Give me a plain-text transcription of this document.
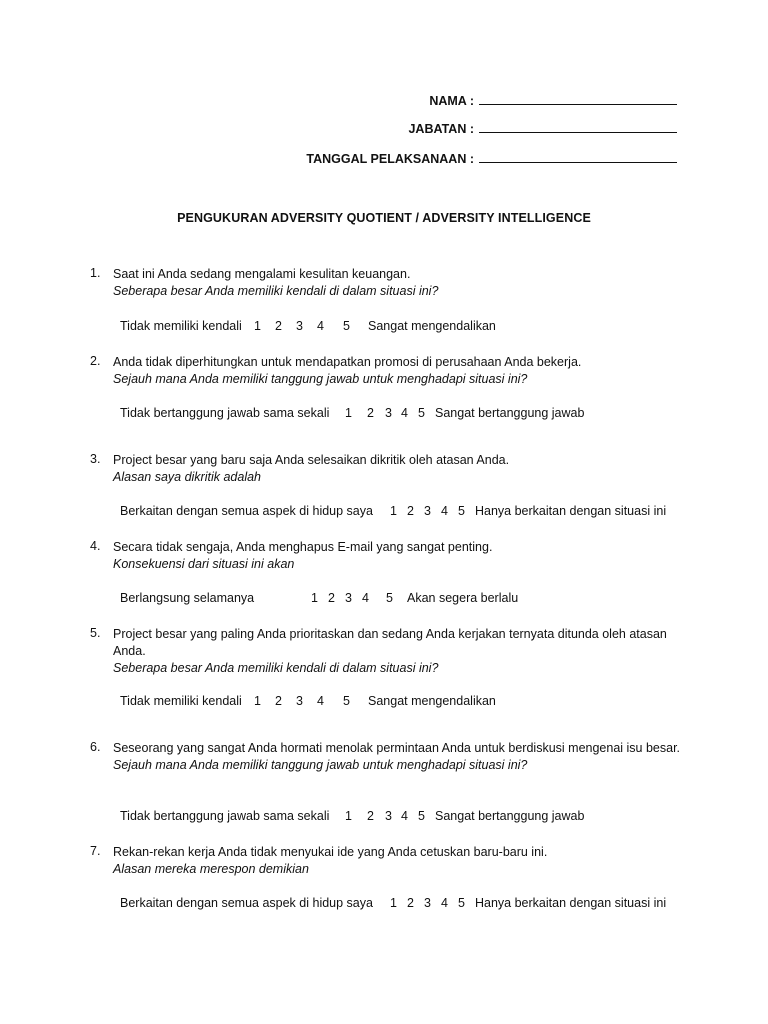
NAMA :
JABATAN :
TANGGAL PELAKSANAAN :
PENGUKURAN ADVERSITY QUOTIENT / ADVERSITY INTELLIGENCE
1.	Saat ini Anda sedang mengalami kesulitan keuangan.
Seberapa besar Anda memiliki kendali di dalam situasi ini?
Tidak memiliki kendali 1	2	3	4	5	Sangat mengendalikan
2.	Anda tidak diperhitungkan untuk mendapatkan promosi di perusahaan Anda bekerja.
Sejauh mana Anda memiliki tanggung jawab untuk menghadapi situasi ini?
Tidak bertanggung jawab sama sekali	1	2 3 4 5 Sangat bertanggung jawab
3.	Project besar yang baru saja Anda selesaikan dikritik oleh atasan Anda.
Alasan saya dikritik adalah
Berkaitan dengan semua aspek di hidup saya	1 2 3 4 5 Hanya berkaitan dengan situasi ini
4.	Secara tidak sengaja, Anda menghapus E-mail yang sangat penting.
Konsekuensi dari situasi ini akan
Berlangsung selamanya	1 2 3 4	5	Akan segera berlalu
5.	Project besar yang paling Anda prioritaskan dan sedang Anda kerjakan ternyata ditunda oleh atasan Anda.
Seberapa besar Anda memiliki kendali di dalam situasi ini?
Tidak memiliki kendali 1	2	3	4	5	Sangat mengendalikan
6.	Seseorang yang sangat Anda hormati menolak permintaan Anda untuk berdiskusi mengenai isu besar.
Sejauh mana Anda memiliki tanggung jawab untuk menghadapi situasi ini?
Tidak bertanggung jawab sama sekali	1	2 3 4 5 Sangat bertanggung jawab
7.	Rekan-rekan kerja Anda tidak menyukai ide yang Anda cetuskan baru-baru ini.
Alasan mereka merespon demikian
Berkaitan dengan semua aspek di hidup saya	1 2 3 4 5 Hanya berkaitan dengan situasi ini
